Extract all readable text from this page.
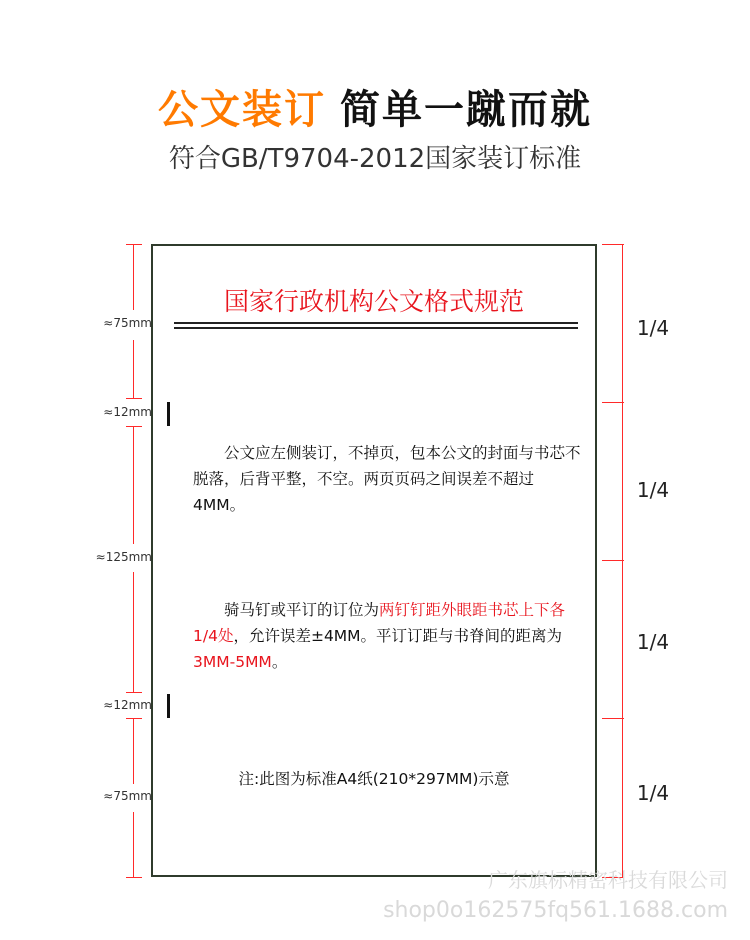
公文装订 简单一蹴而就
符合GB/T9704-2012国家装订标准
国家行政机构公文格式规范
公文应左侧装订，不掉页，包本公文的封面与书芯不脱落，后背平整，不空。两页页码之间误差不超过4MM。
骑马钉或平订的订位为两钉钉距外眼距书芯上下各1/4处，允许误差±4MM。平订订距与书脊间的距离为3MM-5MM。
注:此图为标准A4纸(210*297MM)示意
≈75mm
≈12mm
≈125mm
≈12mm
≈75mm
1/4
1/4
1/4
1/4
广东旗标精密科技有限公司
shop0o162575fq561.1688.com
